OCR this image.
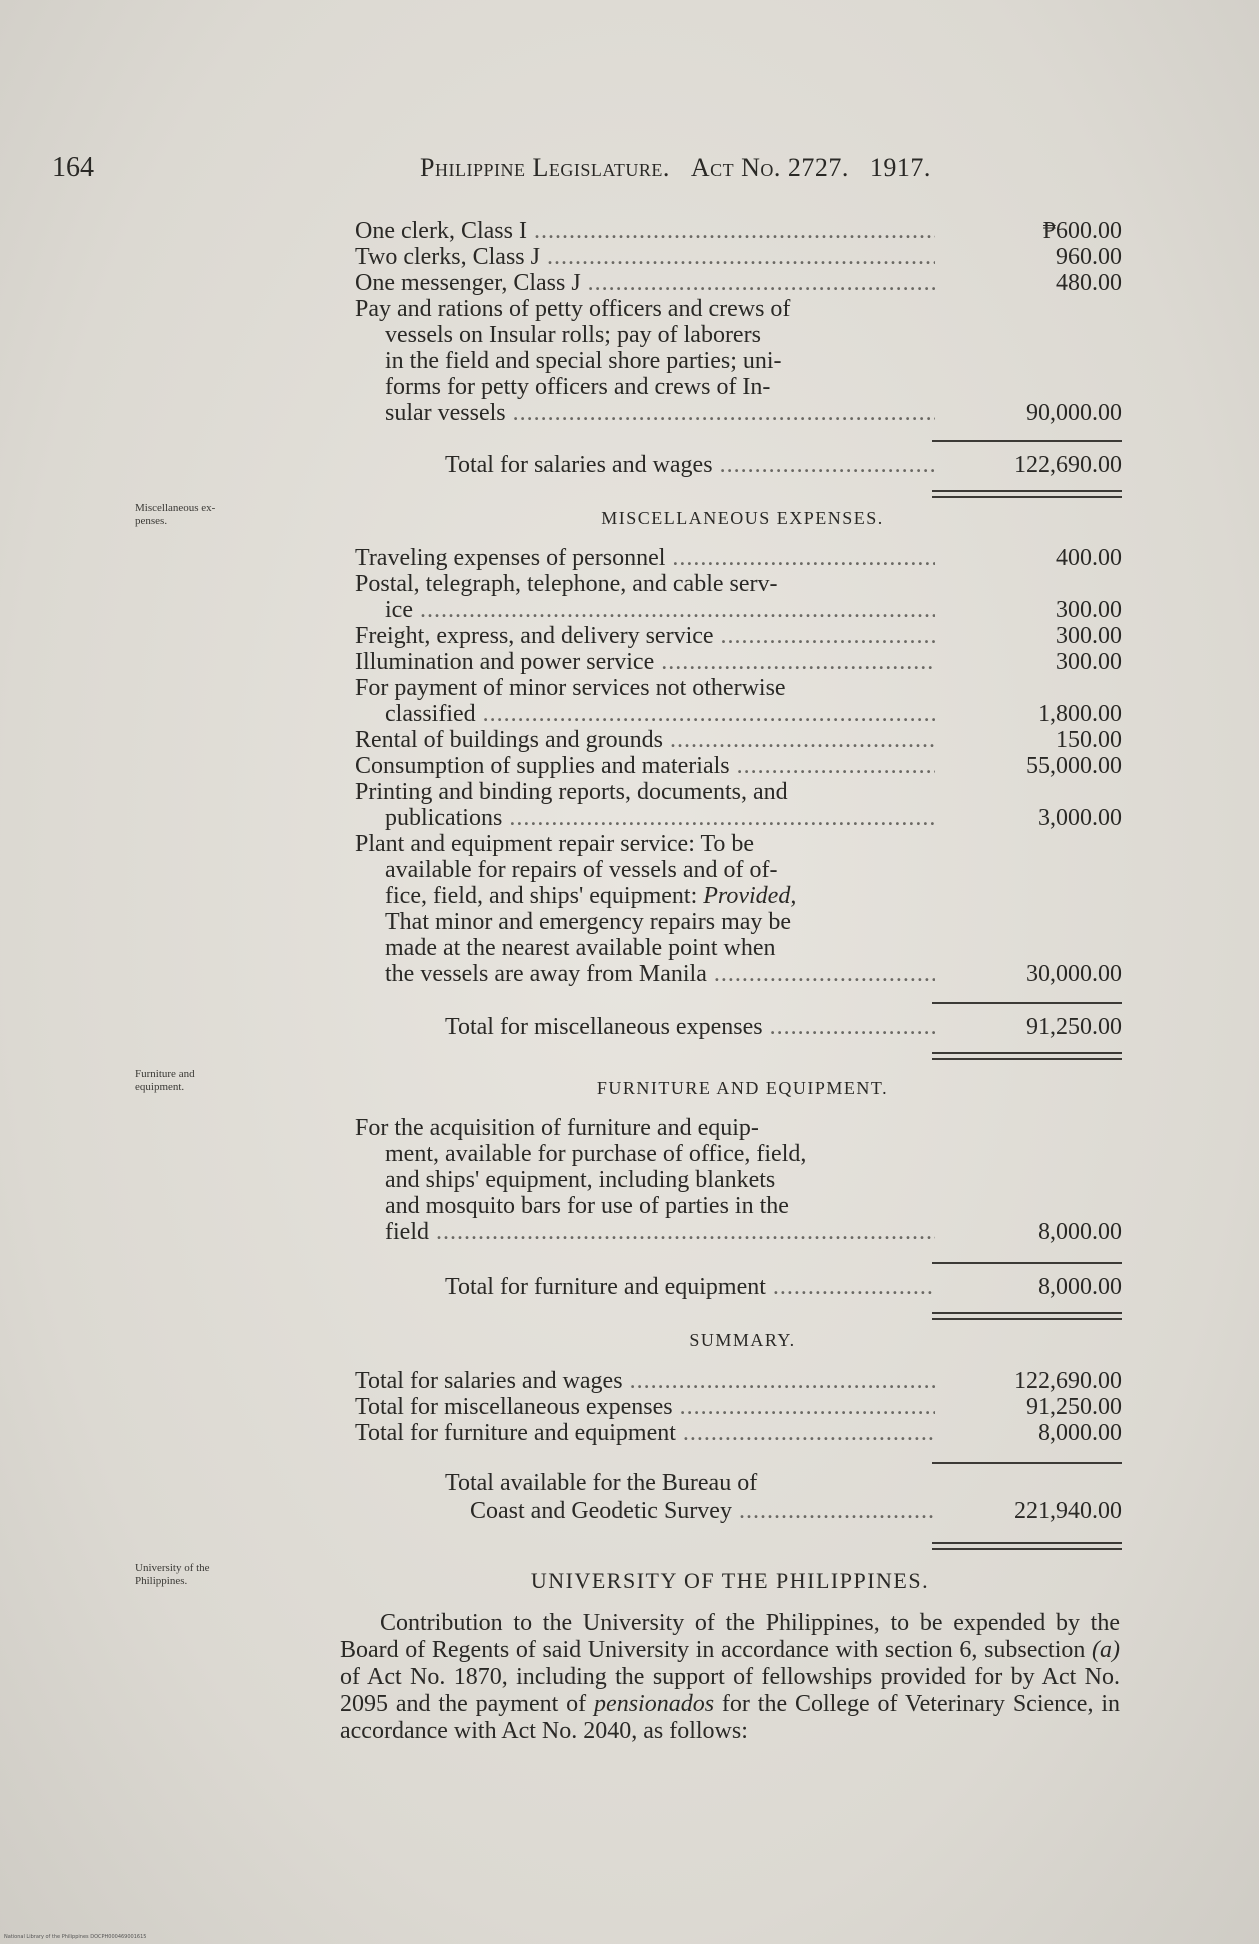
164	Philippine Legislature. Act No. 2727. 1917.
One clerk, Class I .....	₱600.00
Two clerks, Class J .....	960.00
One messenger, Class J .....	480.00
Pay and rations of petty officers and crews of
vessels on Insular rolls; pay of laborers
in the field and special shore parties; uni-
forms for petty officers and crews of In-
sular vessels .....	90,000.00
Total for salaries and wages .....	122,690.00
Miscellaneous ex-
penses.	MISCELLANEOUS EXPENSES.
Traveling expenses of personnel .....	400.00
Postal, telegraph, telephone, and cable serv-
ice .....	300.00
Freight, express, and delivery service .....	300.00
Illumination and power service .....	300.00
For payment of minor services not otherwise
classified .....	1,800.00
Rental of buildings and grounds .....	150.00
Consumption of supplies and materials .....	55,000.00
Printing and binding reports, documents, and
publications .....	3,000.00
Plant and equipment repair service: To be
available for repairs of vessels and of of-
fice, field, and ships' equipment: Provided,
That minor and emergency repairs may be
made at the nearest available point when
the vessels are away from Manila .....	30,000.00
Total for miscellaneous expenses .....	91,250.00
Furniture and
equipment.	FURNITURE AND EQUIPMENT.
For the acquisition of furniture and equip-
ment, available for purchase of office, field,
and ships' equipment, including blankets
and mosquito bars for use of parties in the
field .....	8,000.00
Total for furniture and equipment .....	8,000.00
SUMMARY.
Total for salaries and wages .....	122,690.00
Total for miscellaneous expenses .....	91,250.00
Total for furniture and equipment .....	8,000.00
Total available for the Bureau of
Coast and Geodetic Survey .....	221,940.00
University of the
Philippines.	UNIVERSITY OF THE PHILIPPINES.
Contribution to the University of the Philippines, to be expended by the Board of Regents of said University in accordance with section 6, subsection (a) of Act No. 1870, including the support of fellowships provided for by Act No. 2095 and the payment of pensionados for the College of Veterinary Science, in accordance with Act No. 2040, as follows:
National Library of the Philippines DOCPH000469001615
